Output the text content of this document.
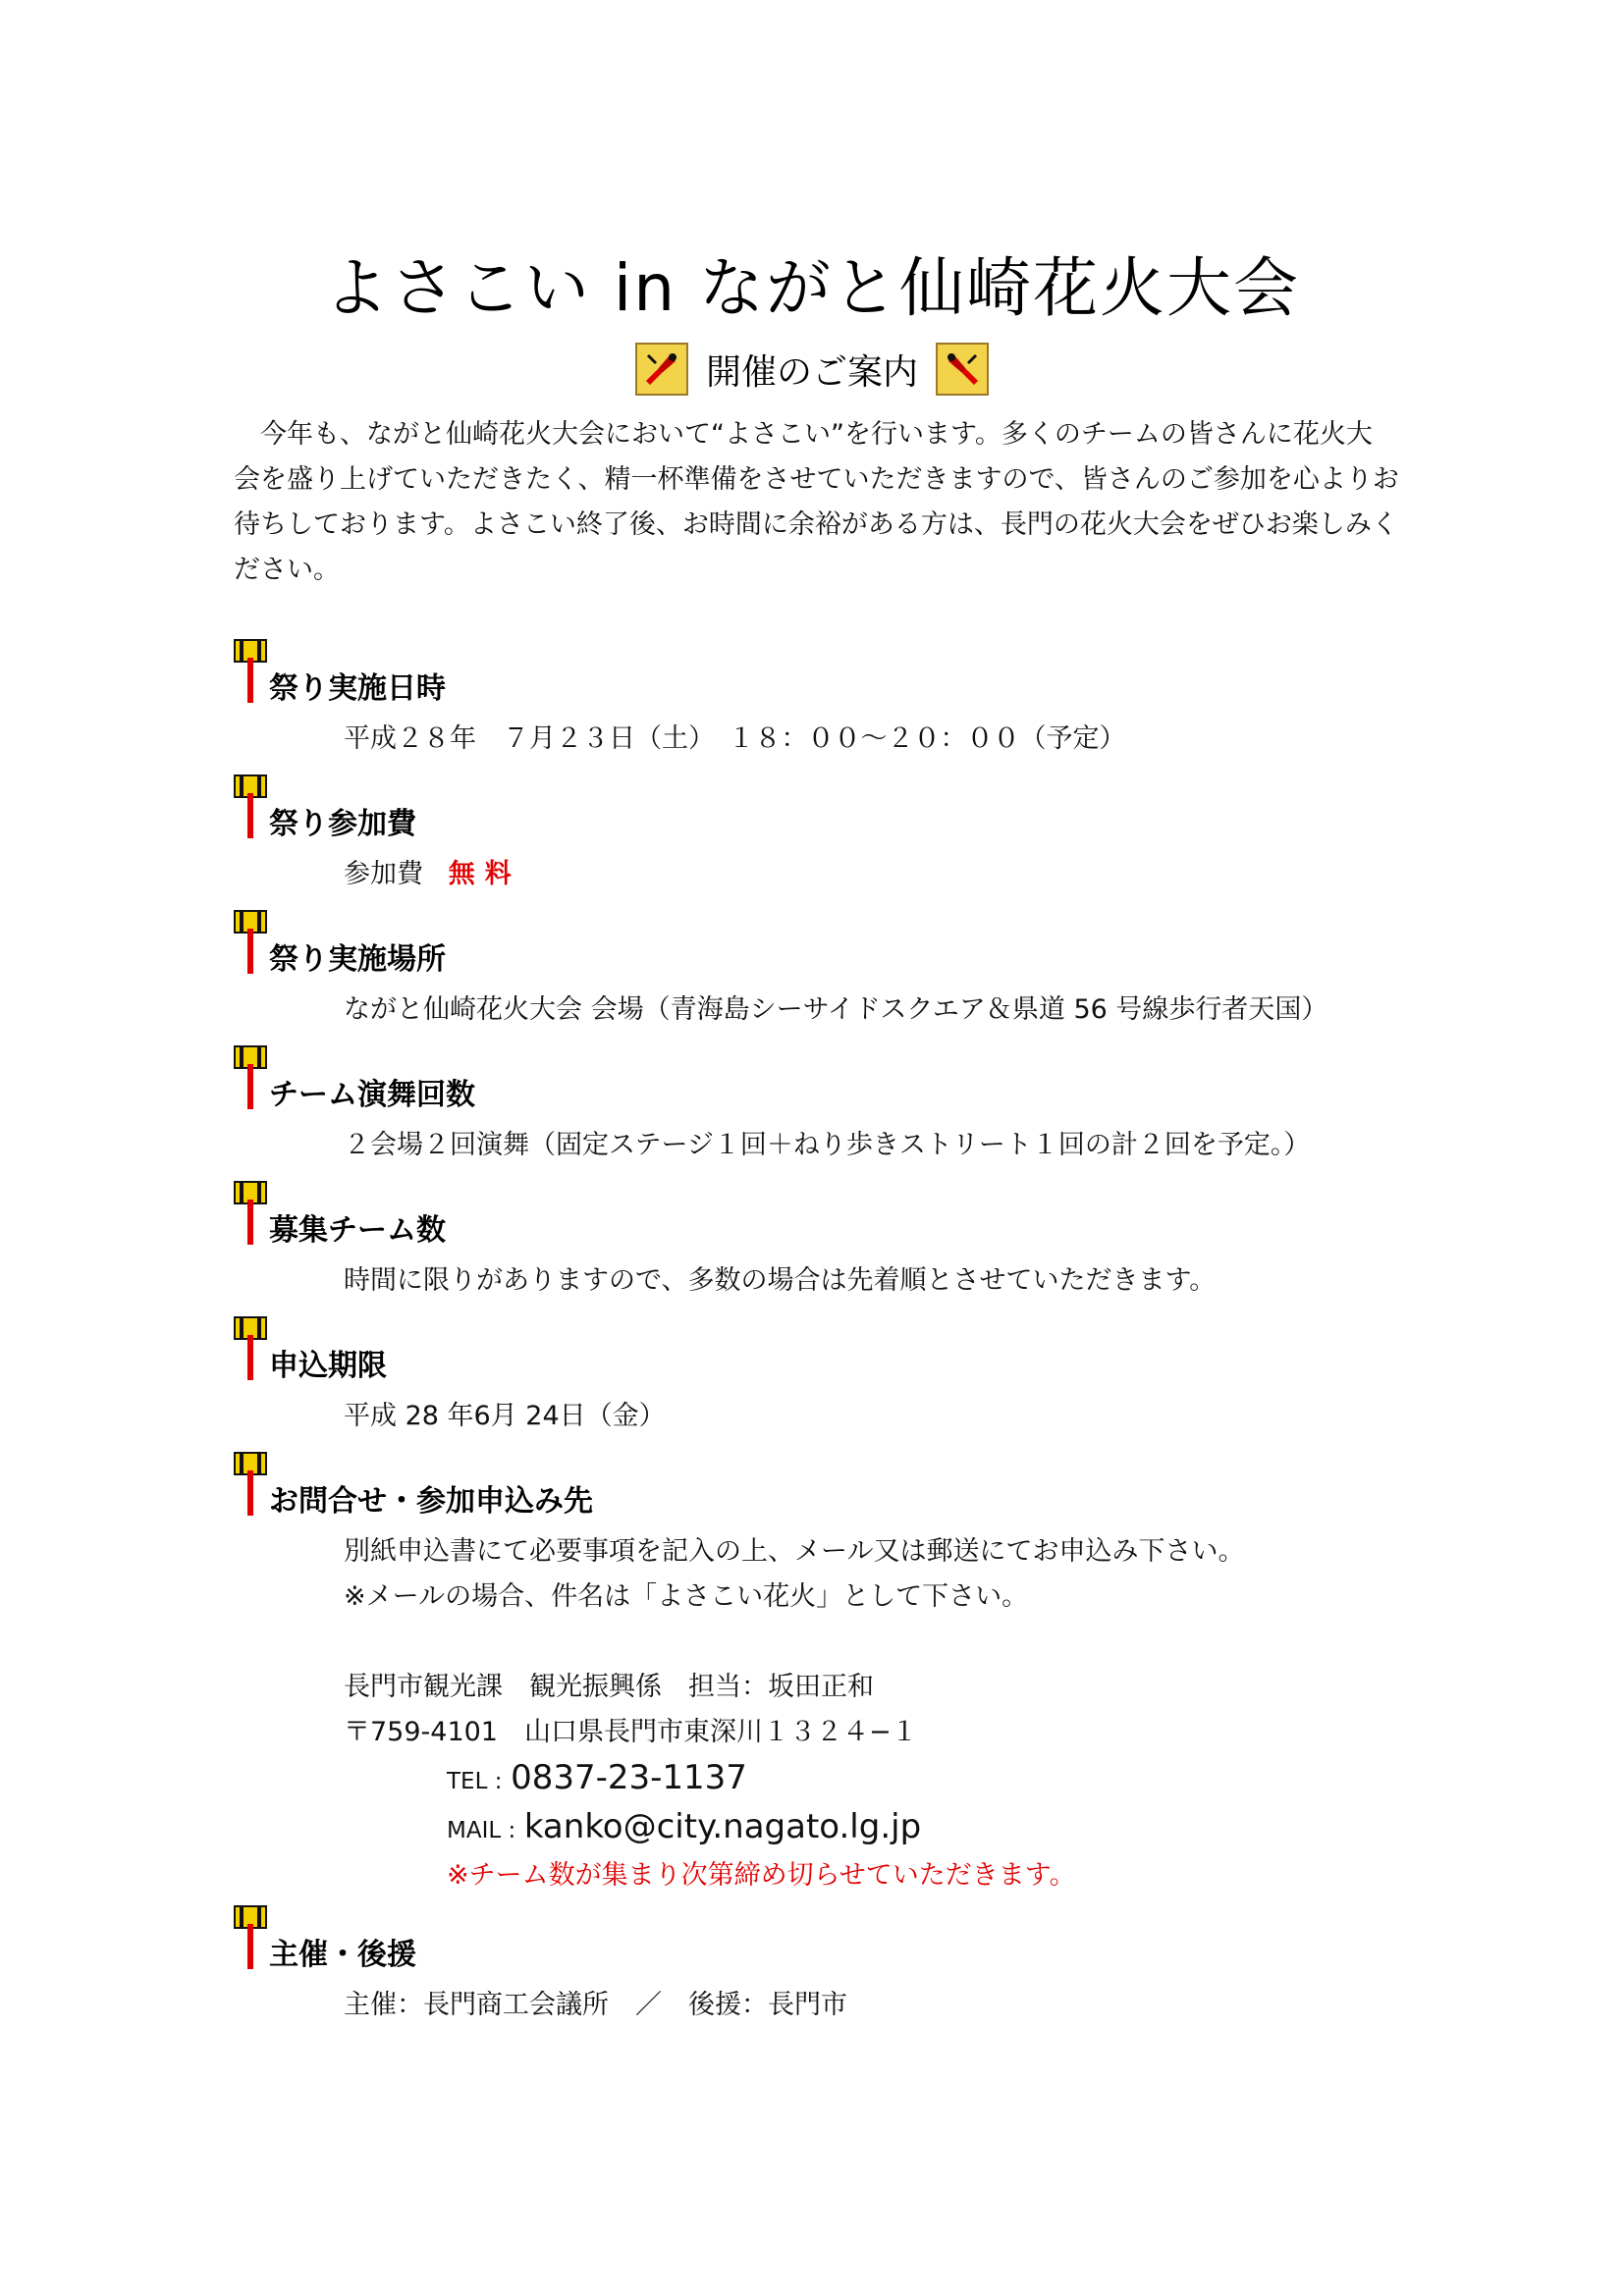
よさこい in ながと仙崎花火大会
開催のご案内
今年も、ながと仙崎花火大会において“よさこい”を行います。多くのチームの皆さんに花火大
会を盛り上げていただきたく、精一杯準備をさせていただきますので、皆さんのご参加を心よりお
待ちしております。よさこい終了後、お時間に余裕がある方は、長門の花火大会をぜひお楽しみく
ださい。
祭り実施日時
平成２８年　７月２３日（土）　１８：００～２０：００（予定）
祭り参加費
参加費 無料
祭り実施場所
ながと仙崎花火大会 会場（青海島シーサイドスクエア＆県道 56 号線歩行者天国）
チーム演舞回数
２会場２回演舞（固定ステージ１回＋ねり歩きストリート１回の計２回を予定。）
募集チーム数
時間に限りがありますので、多数の場合は先着順とさせていただきます。
申込期限
平成 28 年6月 24日（金）
お問合せ・参加申込み先
別紙申込書にて必要事項を記入の上、メール又は郵送にてお申込み下さい。
※メールの場合、件名は「よさこい花火」として下さい。
長門市観光課　観光振興係　担当：坂田正和
〒759-4101　山口県長門市東深川１３２４−１
TEL : 0837-23-1137
MAIL : kanko@city.nagato.lg.jp
※チーム数が集まり次第締め切らせていただきます。
主催・後援
主催：長門商工会議所　／　後援：長門市
